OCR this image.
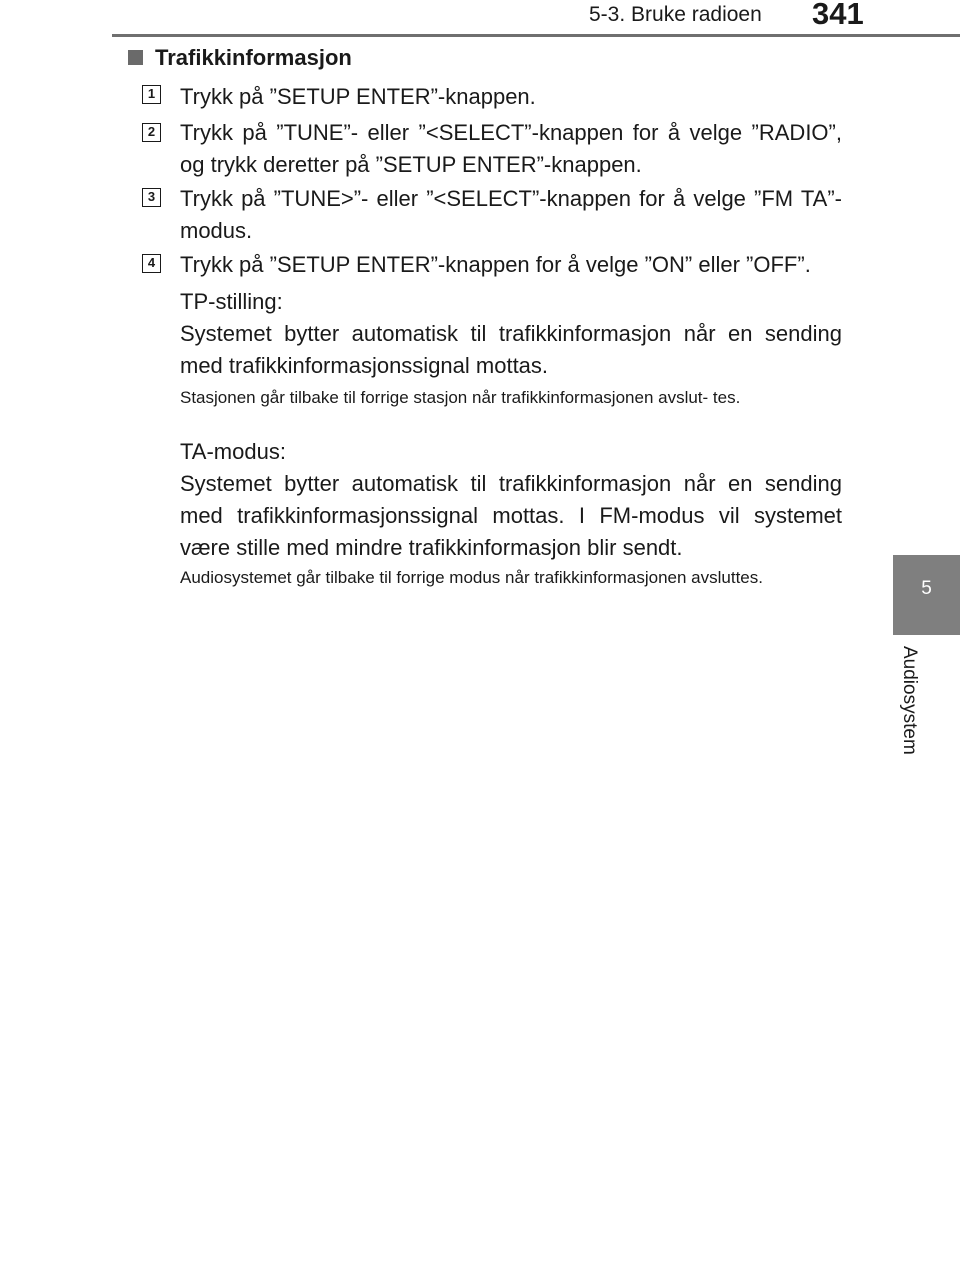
5-3. Bruke radioen 341
5
Audiosystem
Trafikkinformasjon
1 Trykk på ”SETUP ENTER”-knappen.
2 Trykk på ”TUNE”- eller ”<SELECT”-knappen for å velge ”RADIO”, og trykk deretter på ”SETUP ENTER”-knappen.
3 Trykk på ”TUNE>”- eller ”<SELECT”-knappen for å velge ”FM TA”-modus.
4 Trykk på ”SETUP ENTER”-knappen for å velge ”ON” eller ”OFF”.

TP-stilling:

Systemet bytter automatisk til trafikkinformasjon når en sending med trafikkinformasjonssignal mottas.

Stasjonen går tilbake til forrige stasjon når trafikkinformasjonen avslut- tes.

TA-modus:

Systemet bytter automatisk til trafikkinformasjon når en sending med trafikkinformasjonssignal mottas. I FM-modus vil systemet være stille med mindre trafikkinformasjon blir sendt.

Audiosystemet går tilbake til forrige modus når trafikkinformasjonen avsluttes.
